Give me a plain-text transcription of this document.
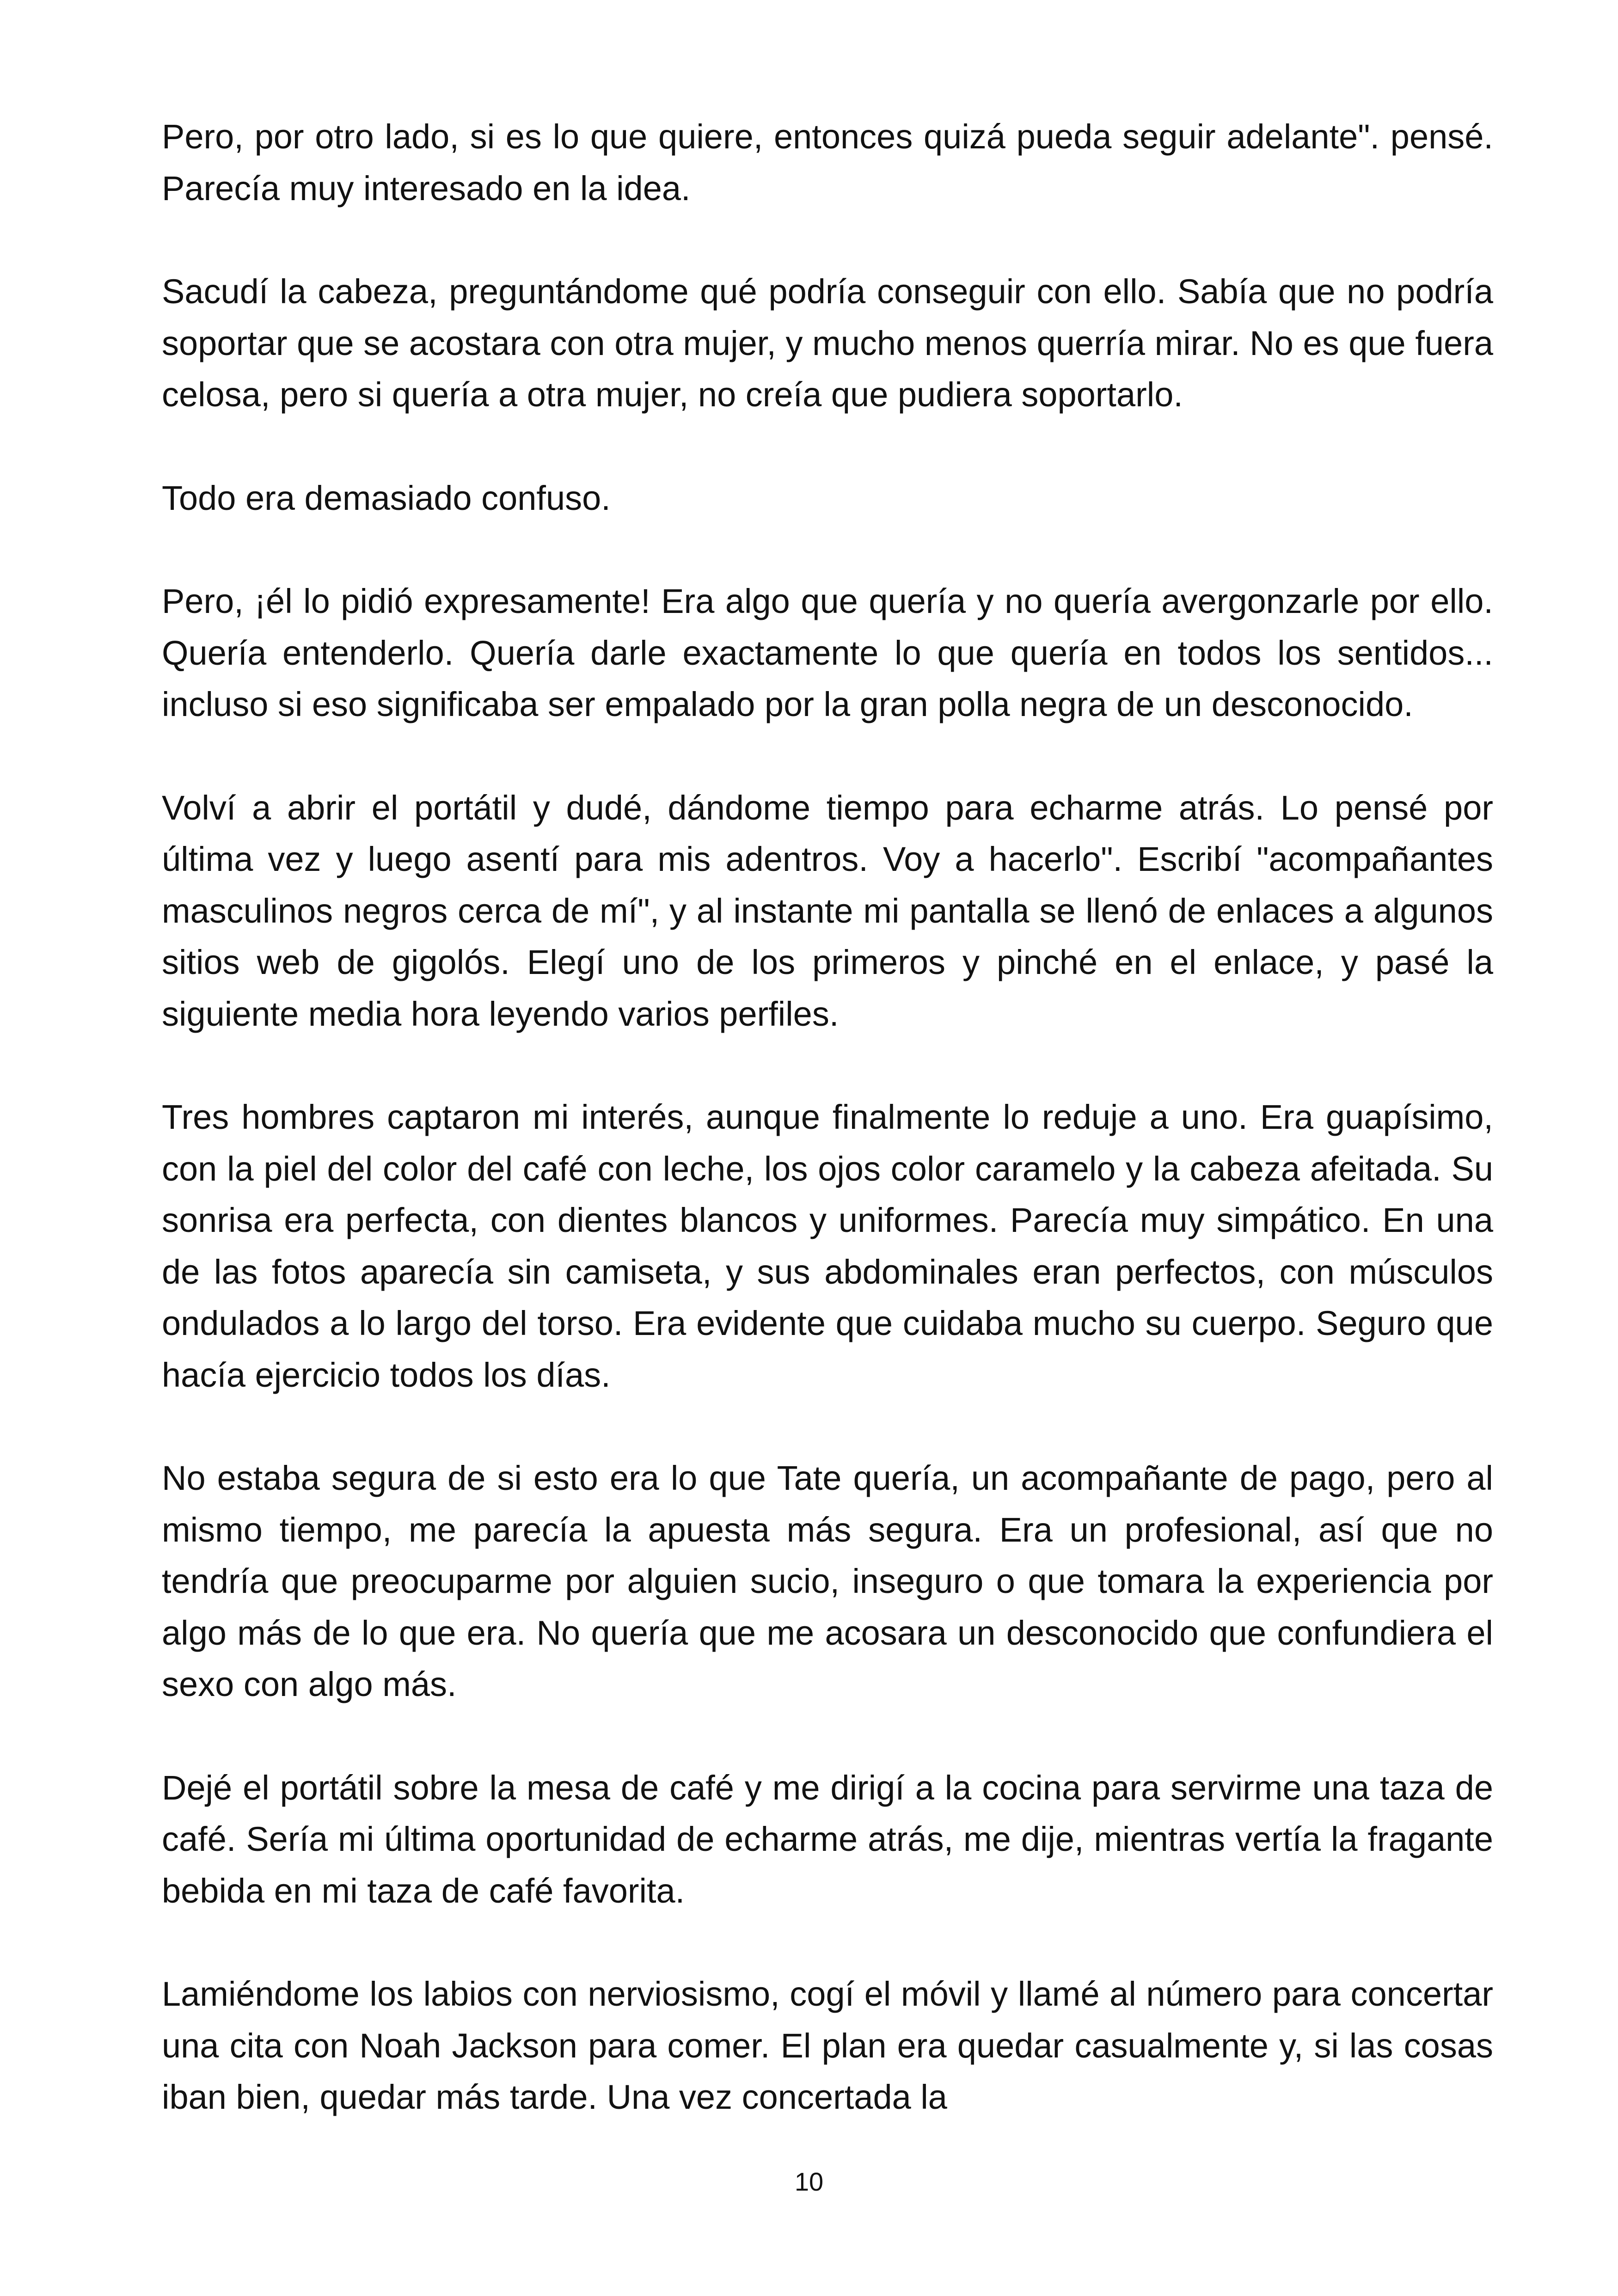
Pero, por otro lado, si es lo que quiere, entonces quizá pueda seguir adelante". pensé. Parecía muy interesado en la idea.

Sacudí la cabeza, preguntándome qué podría conseguir con ello. Sabía que no podría soportar que se acostara con otra mujer, y mucho menos querría mirar. No es que fuera celosa, pero si quería a otra mujer, no creía que pudiera soportarlo.

Todo era demasiado confuso.

Pero, ¡él lo pidió expresamente! Era algo que quería y no quería avergonzarle por ello. Quería entenderlo. Quería darle exactamente lo que quería en todos los sentidos... incluso si eso significaba ser empalado por la gran polla negra de un desconocido.

Volví a abrir el portátil y dudé, dándome tiempo para echarme atrás. Lo pensé por última vez y luego asentí para mis adentros. Voy a hacerlo". Escribí "acompañantes masculinos negros cerca de mí", y al instante mi pantalla se llenó de enlaces a algunos sitios web de gigolós. Elegí uno de los primeros y pinché en el enlace, y pasé la siguiente media hora leyendo varios perfiles.

Tres hombres captaron mi interés, aunque finalmente lo reduje a uno. Era guapísimo, con la piel del color del café con leche, los ojos color caramelo y la cabeza afeitada. Su sonrisa era perfecta, con dientes blancos y uniformes. Parecía muy simpático. En una de las fotos aparecía sin camiseta, y sus abdominales eran perfectos, con músculos ondulados a lo largo del torso. Era evidente que cuidaba mucho su cuerpo. Seguro que hacía ejercicio todos los días.

No estaba segura de si esto era lo que Tate quería, un acompañante de pago, pero al mismo tiempo, me parecía la apuesta más segura. Era un profesional, así que no tendría que preocuparme por alguien sucio, inseguro o que tomara la experiencia por algo más de lo que era. No quería que me acosara un desconocido que confundiera el sexo con algo más.

Dejé el portátil sobre la mesa de café y me dirigí a la cocina para servirme una taza de café. Sería mi última oportunidad de echarme atrás, me dije, mientras vertía la fragante bebida en mi taza de café favorita.

Lamiéndome los labios con nerviosismo, cogí el móvil y llamé al número para concertar una cita con Noah Jackson para comer. El plan era quedar casualmente y, si las cosas iban bien, quedar más tarde. Una vez concertada la

10
